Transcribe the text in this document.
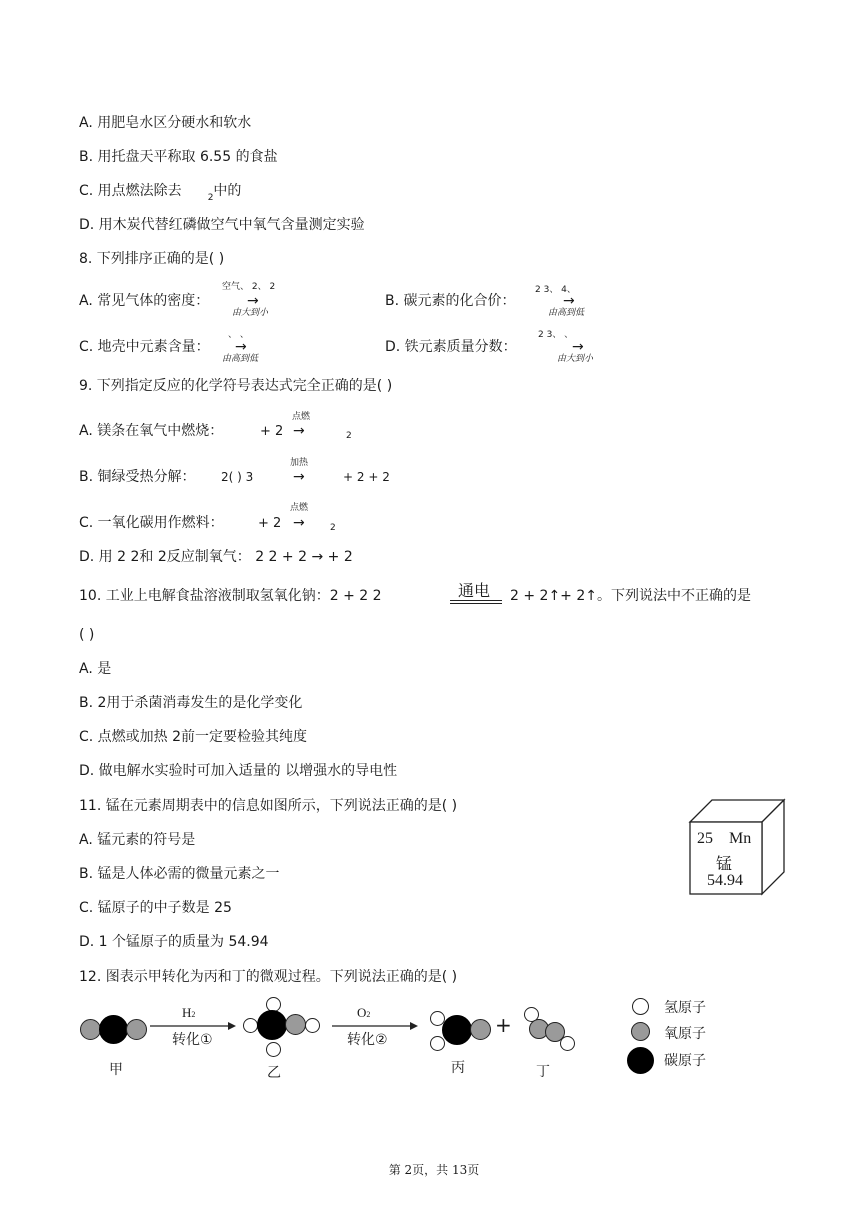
A. 用肥皂水区分硬水和软水
B. 用托盘天平称取 6.55 的食盐
C. 用点燃法除去	$_2$中的
D. 用木炭代替红磷做空气中氧气含量测定实验
8. 下列排序正确的是( )
A. 常见气体的密度：
空气、 2、 2
→
由大到小
B. 碳元素的化合价：
2 3、 4、
→
由高到低
C. 地壳中元素含量：
、 、
→
由高到低
D. 铁元素质量分数：
2 3、 、
→
由大到小
9. 下列指定反应的化学符号表达式完全正确的是( )
A. 镁条在氧气中燃烧：	+ 2
点燃
→	2
B. 铜绿受热分解： 2( ) 3
加热
→	+ 2 + 2
C. 一氧化碳用作燃料：	+ 2
点燃
→	2
D. 用 2 2和 2反应制氧气： 2 2 + 2 → + 2
10. 工业上电解食盐溶液制取氢氧化钠：2 + 2 2	通电 2 + 2↑+ 2↑。下列说法中不正确的是
( )
A. 是
B. 2用于杀菌消毒发生的是化学变化
C. 点燃或加热 2前一定要检验其纯度
D. 做电解水实验时可加入适量的 以增强水的导电性
11. 锰在元素周期表中的信息如图所示，下列说法正确的是( )
A. 锰元素的符号是
B. 锰是人体必需的微量元素之一
C. 锰原子的中子数是 25
D. 1 个锰原子的质量为 54.94
25 Mn
锰
54.94
12. 图表示甲转化为丙和丁的微观过程。下列说法正确的是( )
甲
H2
转化①
乙
O2
转化②
丙
+
丁
氢原子
氧原子
碳原子
第 2页，共 13页
